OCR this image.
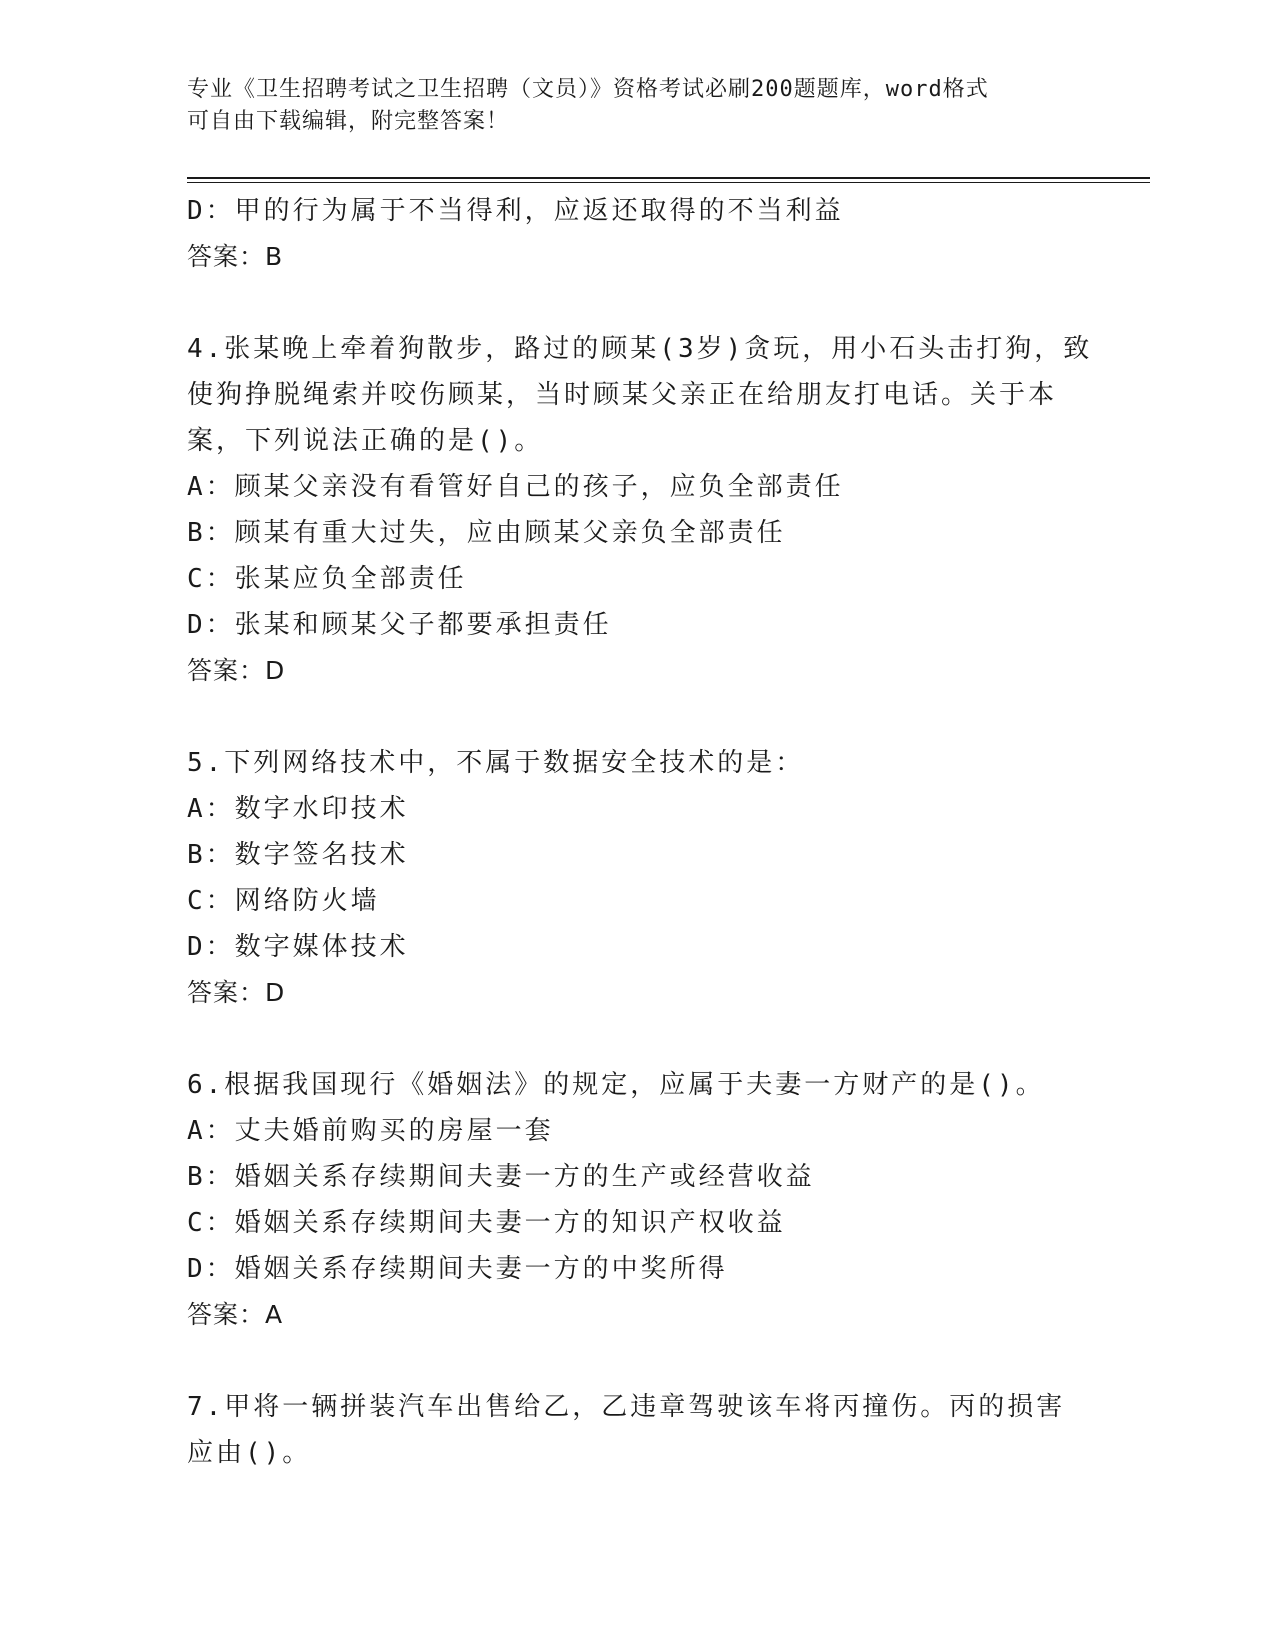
专业《卫生招聘考试之卫生招聘（文员）》资格考试必刷200题题库，word格式
可自由下载编辑，附完整答案！
D：甲的行为属于不当得利，应返还取得的不当利益
答案：B
4.张某晚上牵着狗散步，路过的顾某(3岁)贪玩，用小石头击打狗，致
使狗挣脱绳索并咬伤顾某，当时顾某父亲正在给朋友打电话。关于本
案，下列说法正确的是()。
A：顾某父亲没有看管好自己的孩子，应负全部责任
B：顾某有重大过失，应由顾某父亲负全部责任
C：张某应负全部责任
D：张某和顾某父子都要承担责任
答案：D
5.下列网络技术中，不属于数据安全技术的是：
A：数字水印技术
B：数字签名技术
C：网络防火墙
D：数字媒体技术
答案：D
6.根据我国现行《婚姻法》的规定，应属于夫妻一方财产的是()。
A：丈夫婚前购买的房屋一套
B：婚姻关系存续期间夫妻一方的生产或经营收益
C：婚姻关系存续期间夫妻一方的知识产权收益
D：婚姻关系存续期间夫妻一方的中奖所得
答案：A
7.甲将一辆拼装汽车出售给乙，乙违章驾驶该车将丙撞伤。丙的损害
应由()。
